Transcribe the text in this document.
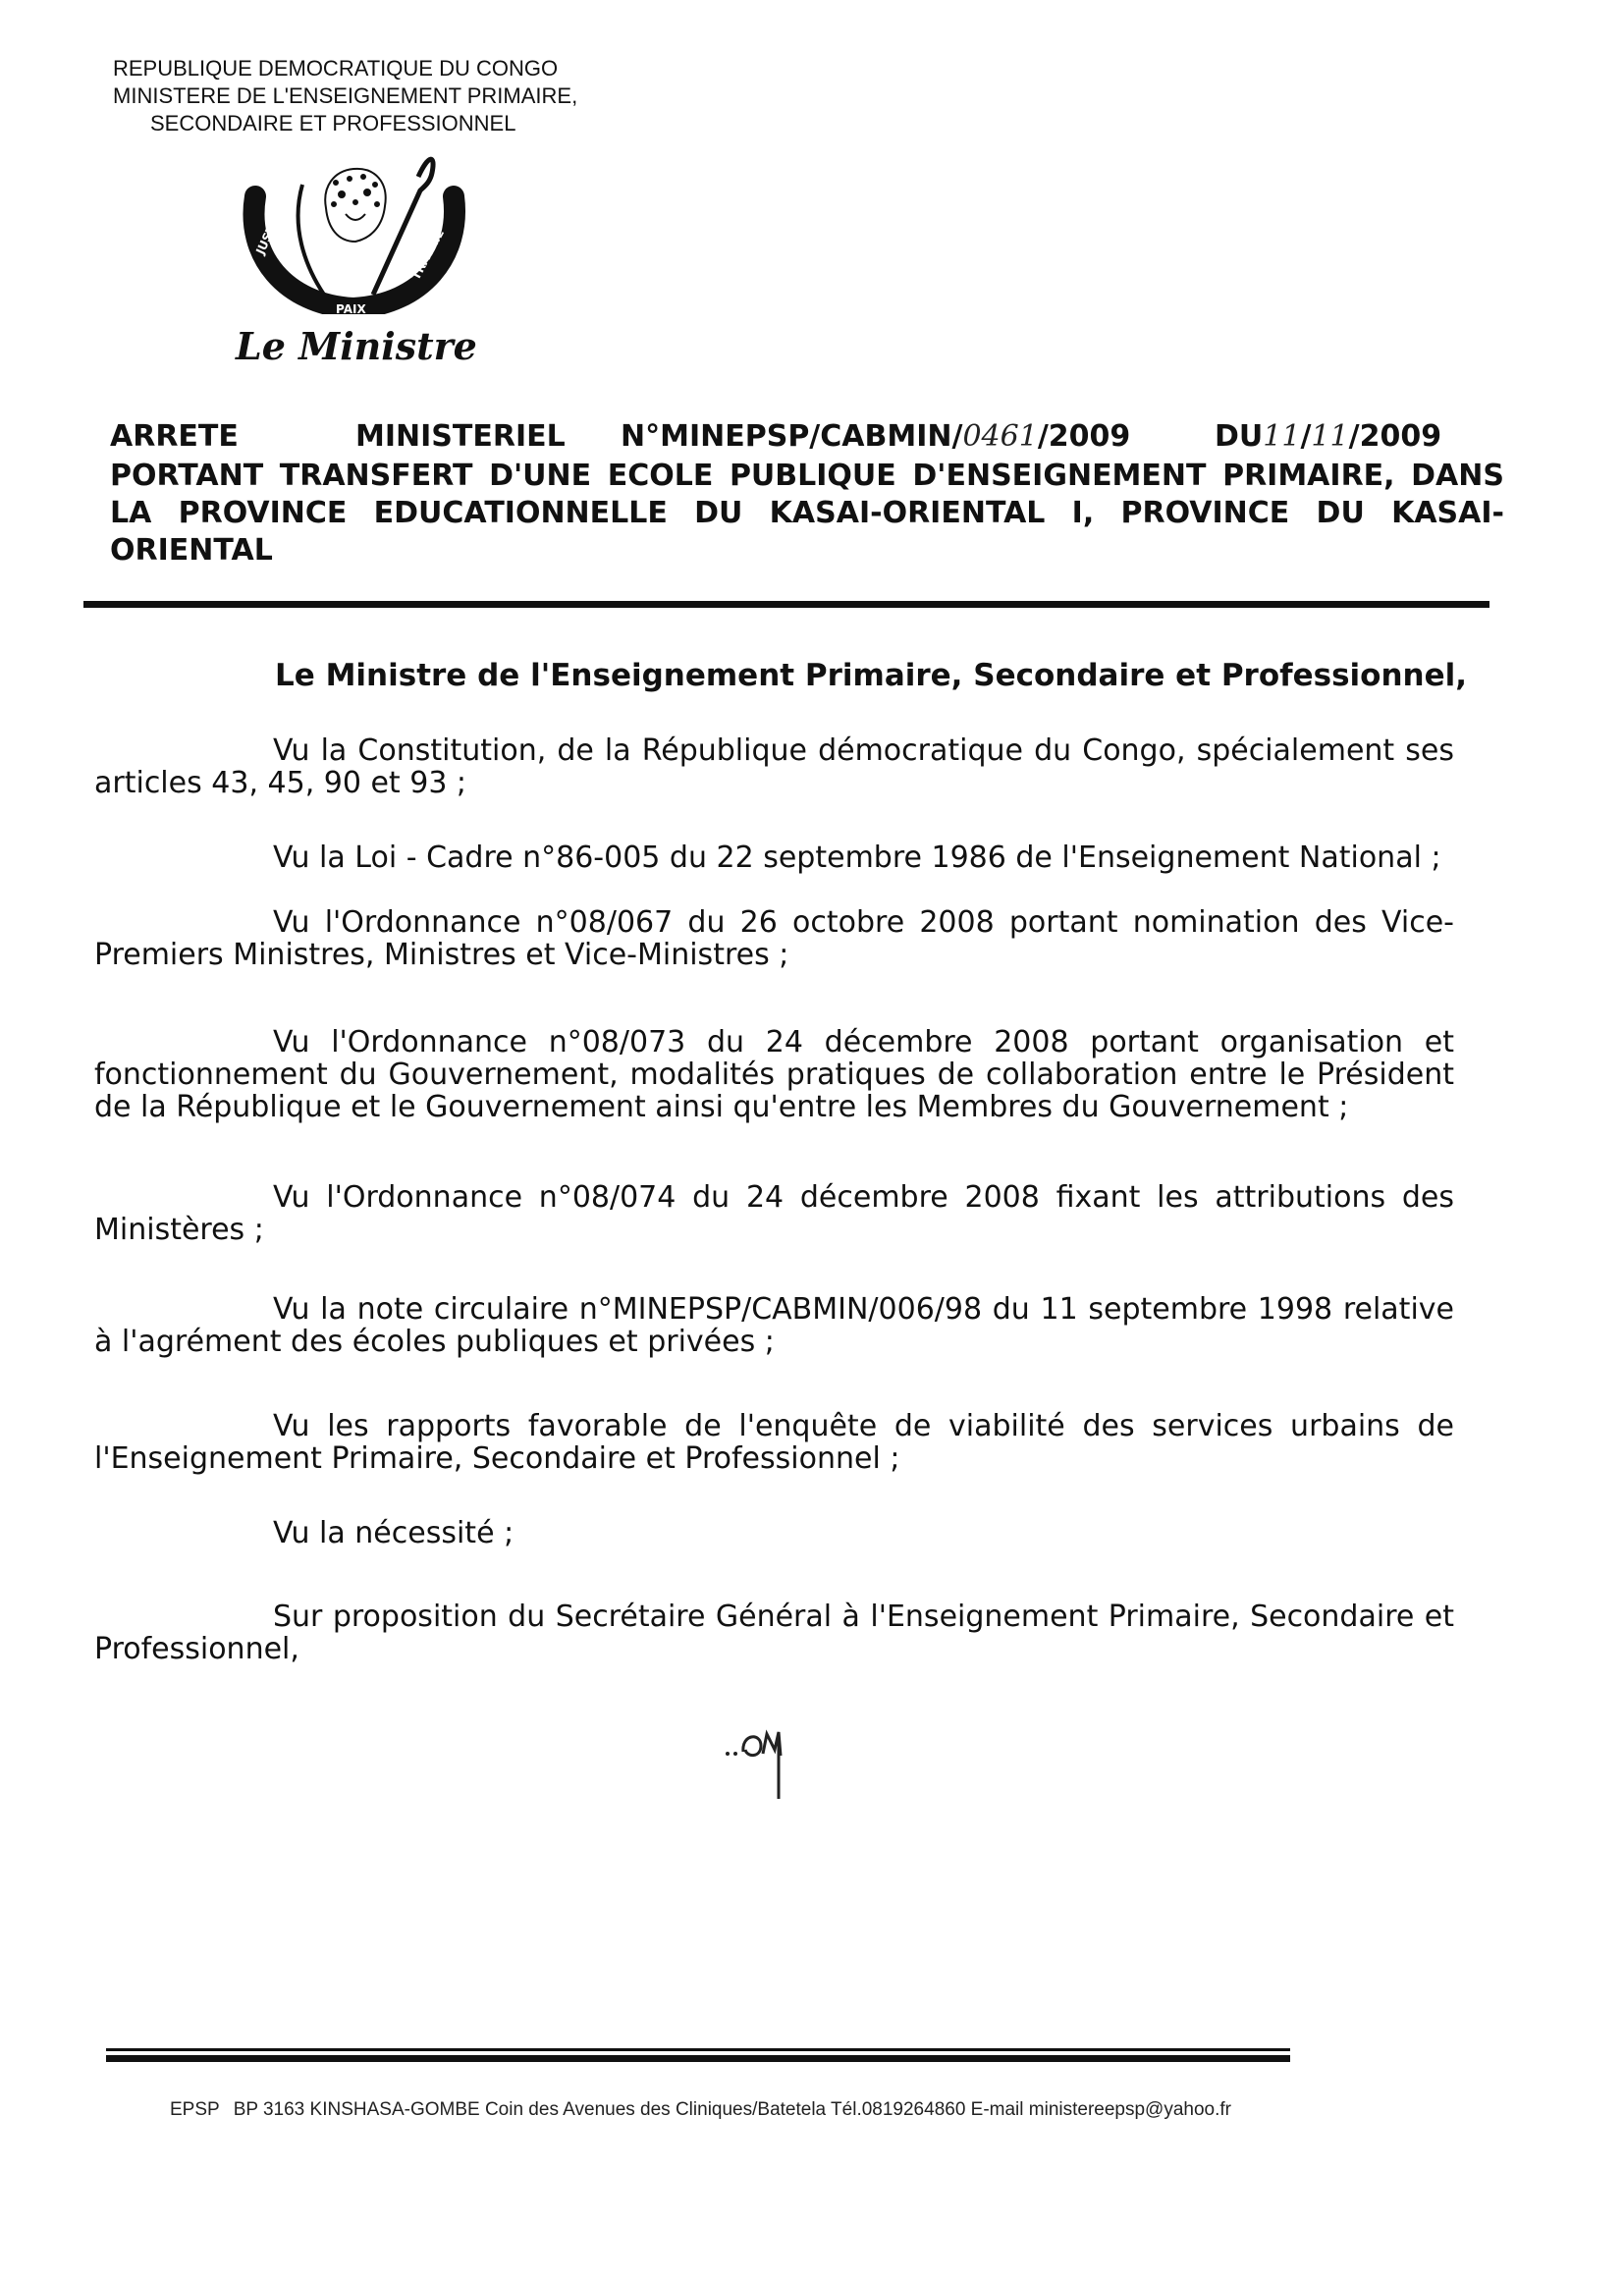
REPUBLIQUE DEMOCRATIQUE DU CONGO
MINISTERE DE L'ENSEIGNEMENT PRIMAIRE,
SECONDAIRE ET PROFESSIONNEL
JUSTICE
PAIX
TRAVAIL
Le Ministre
ARRETE	MINISTERIEL N°MINEPSP/CABMIN/0461/2009	DU11/11/2009
PORTANT TRANSFERT D'UNE ECOLE PUBLIQUE D'ENSEIGNEMENT PRIMAIRE, DANS LA PROVINCE EDUCATIONNELLE DU KASAI-ORIENTAL I, PROVINCE DU KASAI-ORIENTAL
Le Ministre de l'Enseignement Primaire, Secondaire et Professionnel,
Vu la Constitution, de la République démocratique du Congo, spécialement ses articles 43, 45, 90 et 93 ;
Vu la Loi - Cadre n°86-005 du 22 septembre 1986 de l'Enseignement National ;
Vu l'Ordonnance n°08/067 du 26 octobre 2008 portant nomination des Vice-Premiers Ministres, Ministres et Vice-Ministres ;
Vu l'Ordonnance n°08/073 du 24 décembre 2008 portant organisation et fonctionnement du Gouvernement, modalités pratiques de collaboration entre le Président de la République et le Gouvernement ainsi qu'entre les Membres du Gouvernement ;
Vu l'Ordonnance n°08/074 du 24 décembre 2008 fixant les attributions des Ministères ;
Vu la note circulaire n°MINEPSP/CABMIN/006/98 du 11 septembre 1998 relative à l'agrément des écoles publiques et privées ;
Vu les rapports favorable de l'enquête de viabilité des services urbains de l'Enseignement Primaire, Secondaire et Professionnel ;
Vu la nécessité ;
Sur proposition du Secrétaire Général à l'Enseignement Primaire, Secondaire et Professionnel,
EPSP BP 3163 KINSHASA-GOMBE Coin des Avenues des Cliniques/Batetela Tél.0819264860 E-mail ministereepsp@yahoo.fr
